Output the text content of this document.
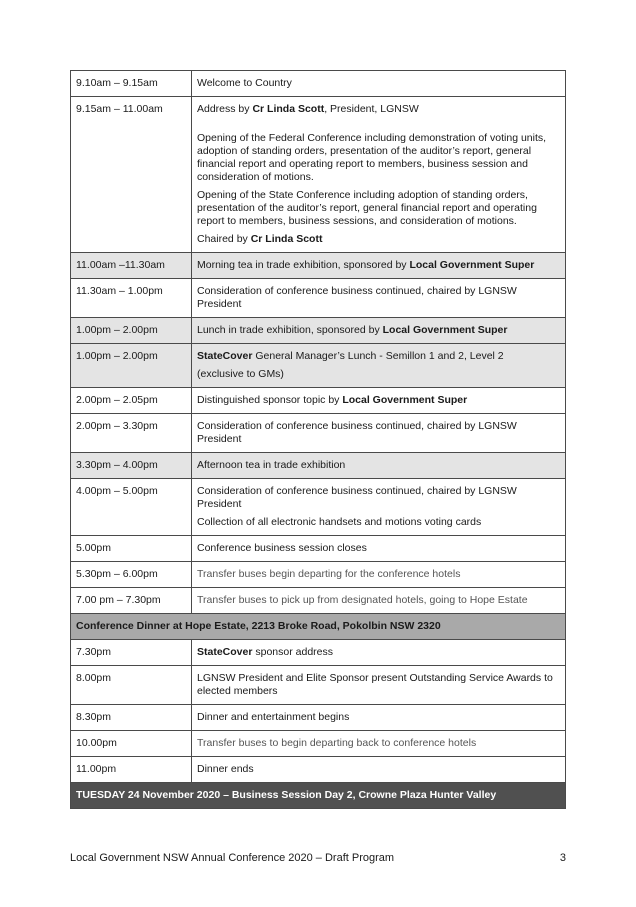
9.10am – 9.15am	Welcome to Country
9.15am – 11.00am	Address by Cr Linda Scott, President, LGNSW

Opening of the Federal Conference including demonstration of voting units, adoption of standing orders, presentation of the auditor’s report, general financial report and operating report to members, business session and consideration of motions.

Opening of the State Conference including adoption of standing orders, presentation of the auditor’s report, general financial report and operating report to members, business sessions, and consideration of motions.

Chaired by Cr Linda Scott

11.00am –11.30am	Morning tea in trade exhibition, sponsored by Local Government Super
11.30am – 1.00pm	Consideration of conference business continued, chaired by LGNSW President
1.00pm – 2.00pm	Lunch in trade exhibition, sponsored by Local Government Super
1.00pm – 2.00pm	StateCover General Manager’s Lunch - Semillon 1 and 2, Level 2

(exclusive to GMs)

2.00pm – 2.05pm	Distinguished sponsor topic by Local Government Super
2.00pm – 3.30pm	Consideration of conference business continued, chaired by LGNSW President
3.30pm – 4.00pm	Afternoon tea in trade exhibition
4.00pm – 5.00pm	Consideration of conference business continued, chaired by LGNSW President

Collection of all electronic handsets and motions voting cards

5.00pm	Conference business session closes
5.30pm – 6.00pm	Transfer buses begin departing for the conference hotels
7.00 pm – 7.30pm	Transfer buses to pick up from designated hotels, going to Hope Estate
Conference Dinner at Hope Estate, 2213 Broke Road, Pokolbin NSW 2320	
7.30pm	StateCover sponsor address
8.00pm	LGNSW President and Elite Sponsor present Outstanding Service Awards to elected members
8.30pm	Dinner and entertainment begins
10.00pm	Transfer buses to begin departing back to conference hotels
11.00pm	Dinner ends
TUESDAY 24 November 2020 – Business Session Day 2, Crowne Plaza Hunter Valley	
Local Government NSW Annual Conference 2020 – Draft Program	3
